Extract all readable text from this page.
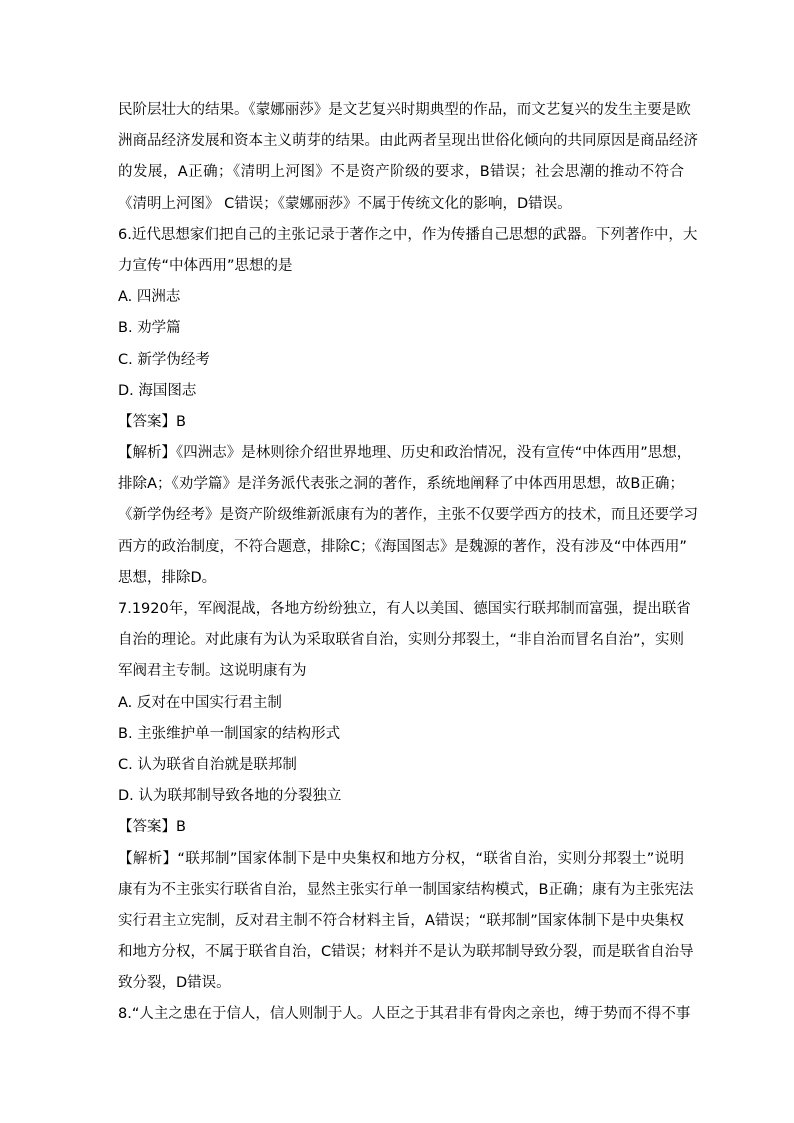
民阶层壮大的结果。《蒙娜丽莎》是文艺复兴时期典型的作品，而文艺复兴的发生主要是欧
洲商品经济发展和资本主义萌芽的结果。由此两者呈现出世俗化倾向的共同原因是商品经济
的发展，A正确；《清明上河图》不是资产阶级的要求，B错误；社会思潮的推动不符合
《清明上河图》 C错误；《蒙娜丽莎》不属于传统文化的影响，D错误。
6.近代思想家们把自己的主张记录于著作之中，作为传播自己思想的武器。下列著作中，大
力宣传“中体西用”思想的是
A. 四洲志
B. 劝学篇
C. 新学伪经考
D. 海国图志
【答案】B
【解析】《四洲志》是林则徐介绍世界地理、历史和政治情况，没有宣传“中体西用”思想，
排除A；《劝学篇》是洋务派代表张之洞的著作，系统地阐释了中体西用思想，故B正确；
《新学伪经考》是资产阶级维新派康有为的著作，主张不仅要学西方的技术，而且还要学习
西方的政治制度，不符合题意，排除C；《海国图志》是魏源的著作，没有涉及“中体西用”
思想，排除D。
7.1920年，军阀混战，各地方纷纷独立，有人以美国、德国实行联邦制而富强，提出联省
自治的理论。对此康有为认为采取联省自治，实则分邦裂土，“非自治而冒名自治”，实则
军阀君主专制。这说明康有为
A. 反对在中国实行君主制
B. 主张维护单一制国家的结构形式
C. 认为联省自治就是联邦制
D. 认为联邦制导致各地的分裂独立
【答案】B
【解析】“联邦制”国家体制下是中央集权和地方分权，“联省自治，实则分邦裂土”说明
康有为不主张实行联省自治，显然主张实行单一制国家结构模式，B正确；康有为主张宪法
实行君主立宪制，反对君主制不符合材料主旨，A错误；“联邦制”国家体制下是中央集权
和地方分权，不属于联省自治，C错误；材料并不是认为联邦制导致分裂，而是联省自治导
致分裂，D错误。
8.“人主之患在于信人，信人则制于人。人臣之于其君非有骨肉之亲也，缚于势而不得不事
